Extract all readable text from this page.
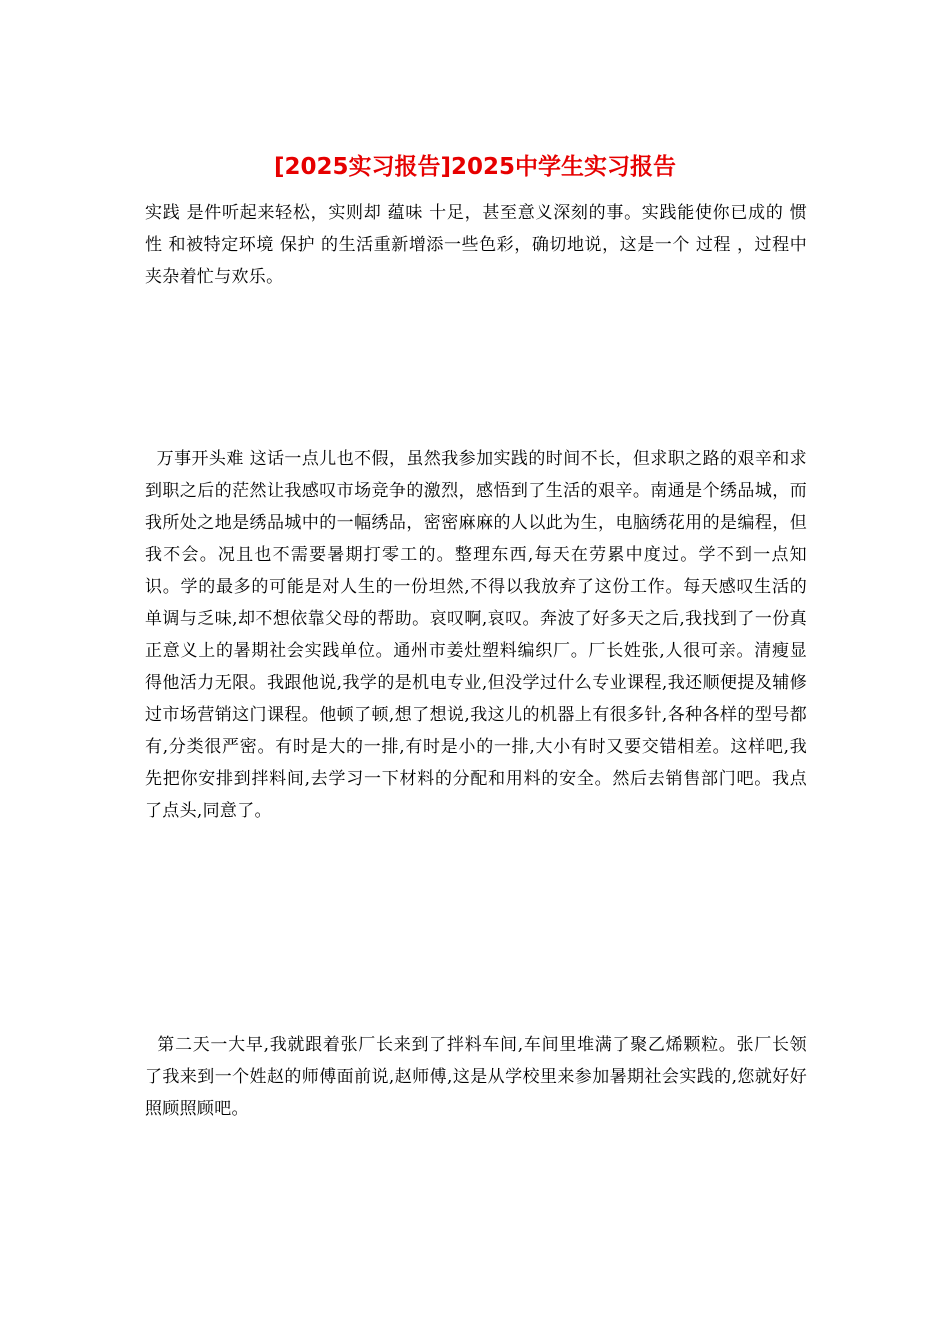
[2025实习报告]2025中学生实习报告

实践 是件听起来轻松，实则却 蕴味 十足，甚至意义深刻的事。实践能使你已成的 惯性 和被特定环境 保护 的生活重新增添一些色彩，确切地说，这是一个 过程 ，过程中夹杂着忙与欢乐。

万事开头难 这话一点儿也不假，虽然我参加实践的时间不长，但求职之路的艰辛和求到职之后的茫然让我感叹市场竞争的激烈，感悟到了生活的艰辛。南通是个绣品城，而我所处之地是绣品城中的一幅绣品，密密麻麻的人以此为生，电脑绣花用的是编程，但我不会。况且也不需要暑期打零工的。整理东西,每天在劳累中度过。学不到一点知识。学的最多的可能是对人生的一份坦然,不得以我放弃了这份工作。每天感叹生活的单调与乏味,却不想依靠父母的帮助。哀叹啊,哀叹。奔波了好多天之后,我找到了一份真正意义上的暑期社会实践单位。通州市姜灶塑料编织厂。厂长姓张,人很可亲。清瘦显得他活力无限。我跟他说,我学的是机电专业,但没学过什么专业课程,我还顺便提及辅修过市场营销这门课程。他顿了顿,想了想说,我这儿的机器上有很多针,各种各样的型号都有,分类很严密。有时是大的一排,有时是小的一排,大小有时又要交错相差。这样吧,我先把你安排到拌料间,去学习一下材料的分配和用料的安全。然后去销售部门吧。我点了点头,同意了。

第二天一大早,我就跟着张厂长来到了拌料车间,车间里堆满了聚乙烯颗粒。张厂长领了我来到一个姓赵的师傅面前说,赵师傅,这是从学校里来参加暑期社会实践的,您就好好照顾照顾吧。
